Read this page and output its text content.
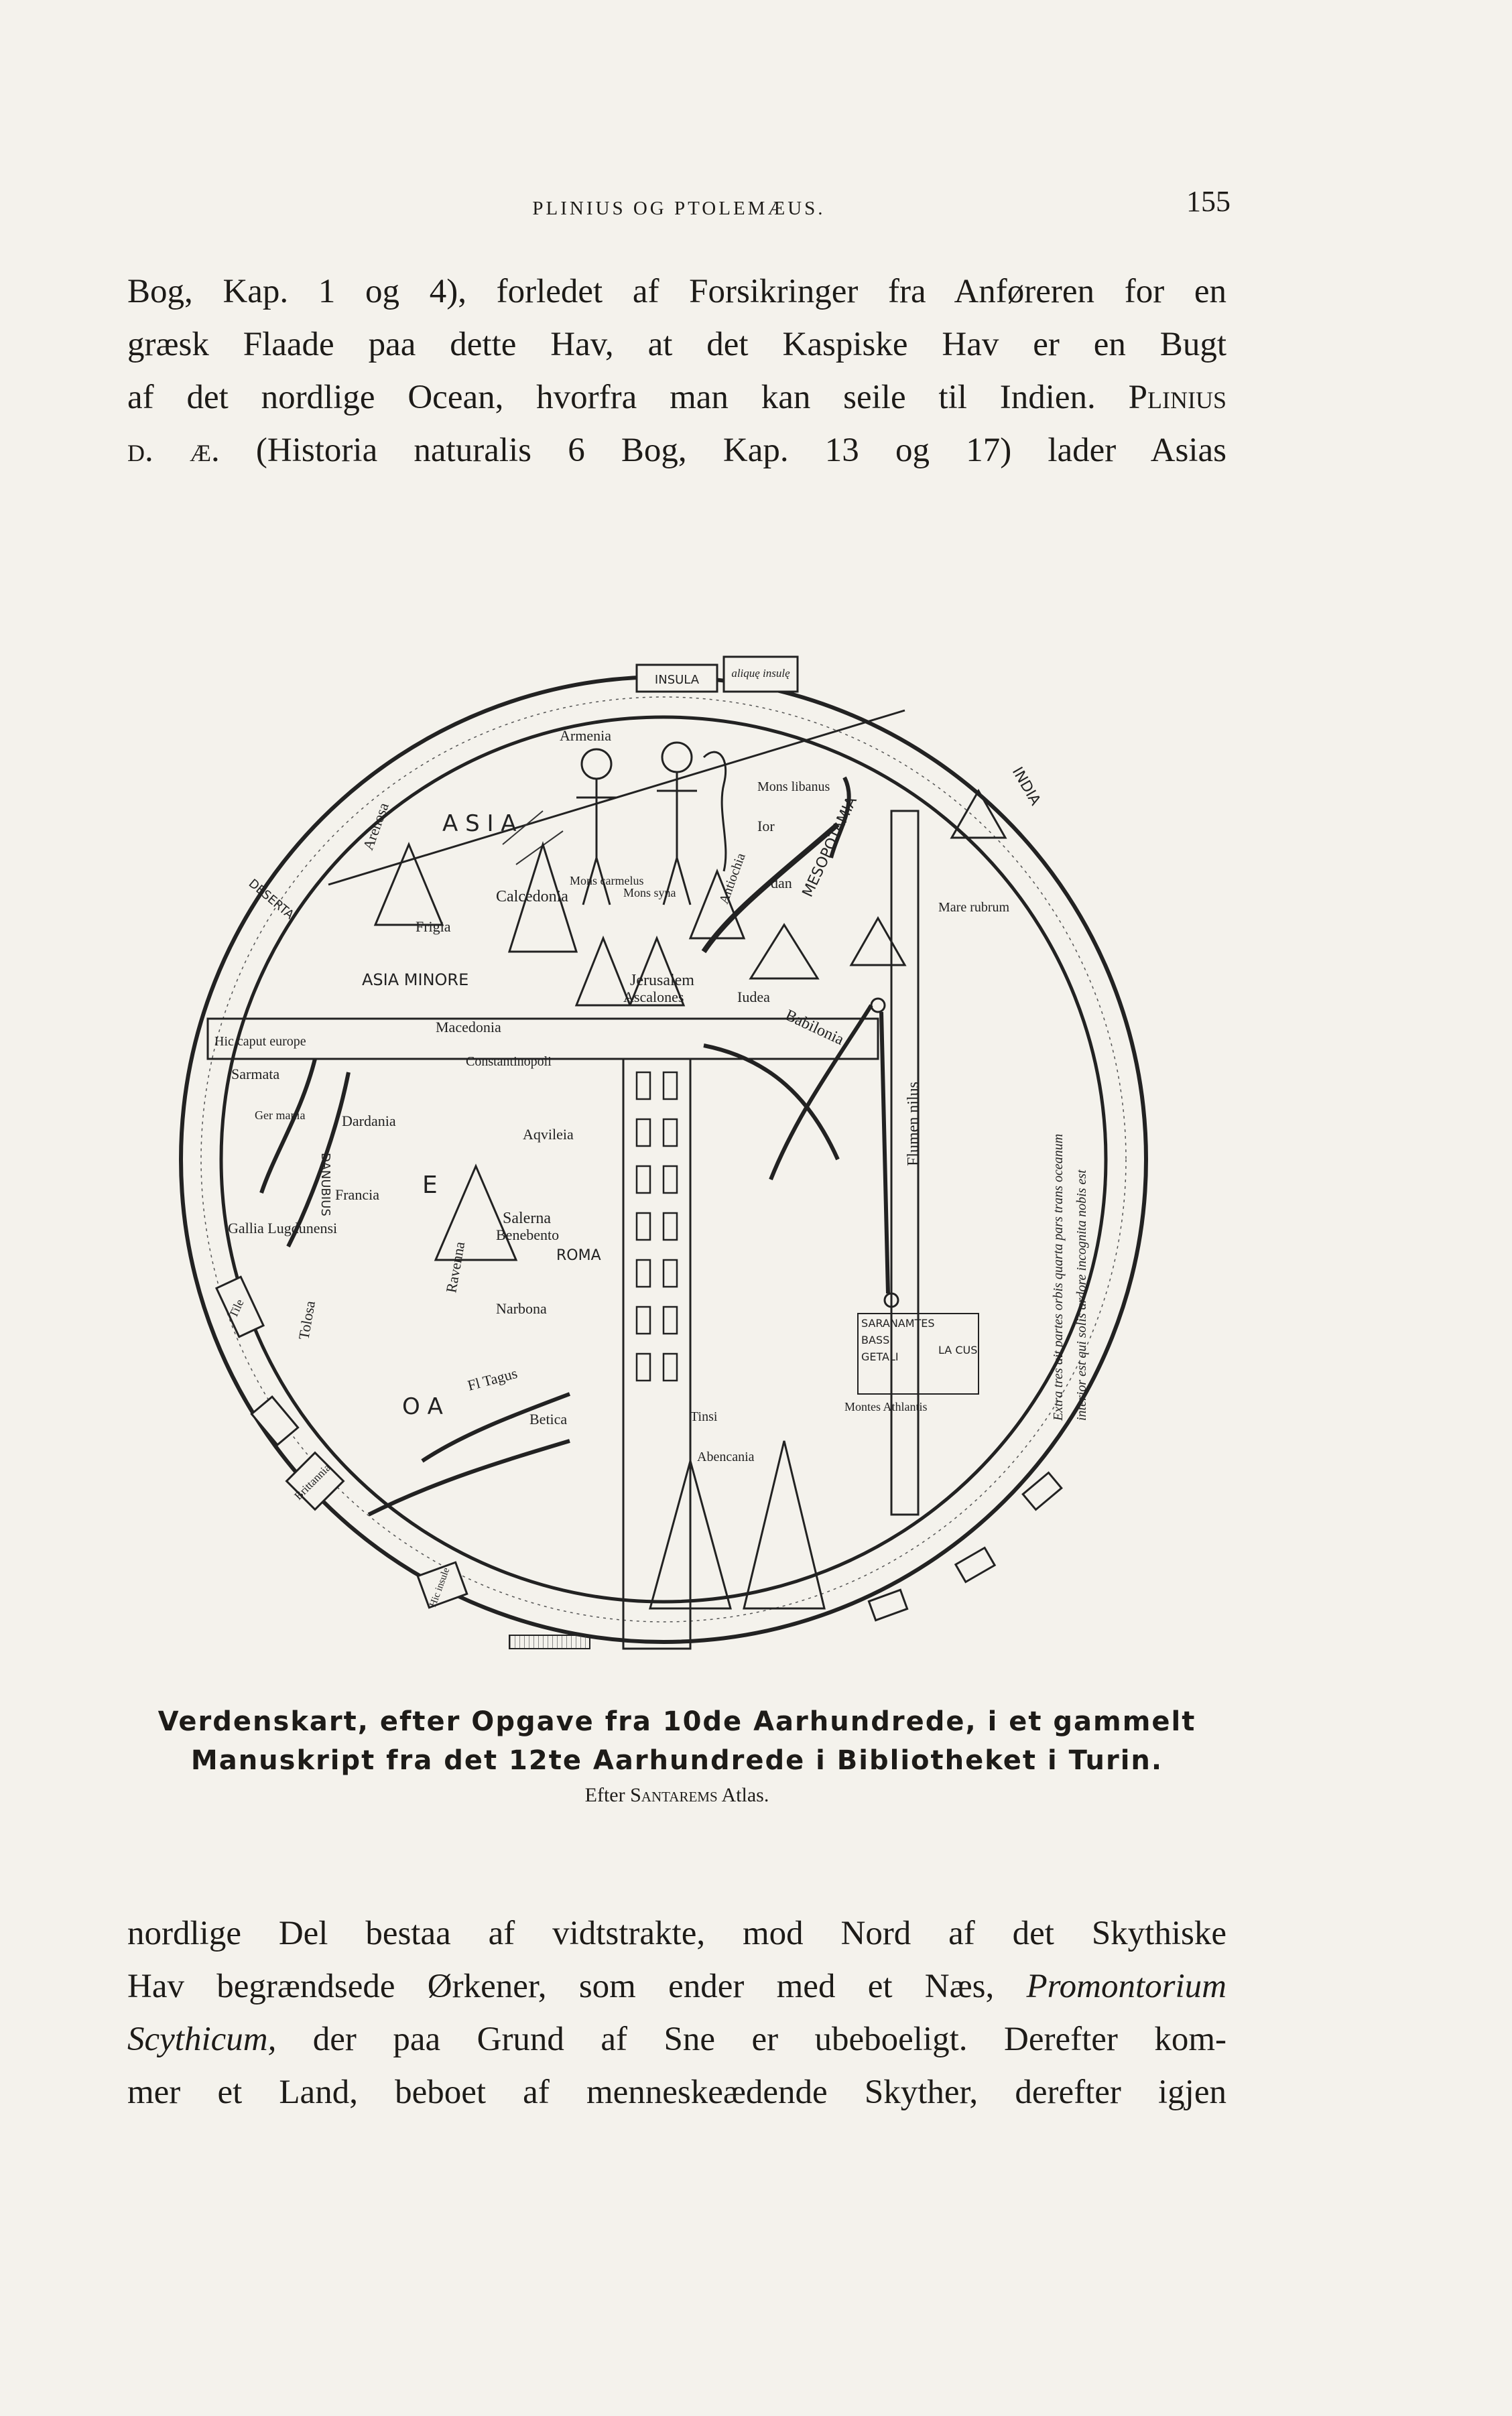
PLINIUS OG PTOLEMÆUS.	155
Bog, Kap. 1 og 4), forledet af Forsikringer fra Anføreren for en
græsk Flaade paa dette Hav, at det Kaspiske Hav er en Bugt
af det nordlige Ocean, hvorfra man kan seile til Indien. Plinius
d. æ. (Historia naturalis 6 Bog, Kap. 13 og 17) lader Asias
INSULA	aliquę insulę
Tile
Brittannia
Hic insule
Armenia
A S I A
Arenosa
Mons libanus
Ior
dan
INDIA
DESERTA	Mons carmelus
Mons syna
Calcedonia	Antiochia	MESOPOTAMIA
Mare rubrum
Frigia
ASIA MINORE	Jerusalem
Ascalones	Iudea
Babilonia
Flumen nilus
Hic caput europe
Macedonia
Constantinopoli
Sarmata
Ger mania Dardania
Aqvileia
DANUBIUS Francia E
Gallia Lugdunensi
Ravenna
Salerna
Benebento
ROMA
Narbona
Tolosa
Fl Tagus
Betica
O A
SARANAMTES
BASSI
GETALI
LA CUS
Montes Athlantis
Tinsi
Abencania
Extra tres ait partes orbis quarta pars trans oceanum interior est qui solis ardore incognita nobis est
Verdenskart, efter Opgave fra 10de Aarhundrede, i et gammelt
Manuskript fra det 12te Aarhundrede i Bibliotheket i Turin.
Efter Santarems Atlas.
nordlige Del bestaa af vidtstrakte, mod Nord af det Skythiske
Hav begrændsede Ørkener, som ender med et Næs, Promontorium
Scythicum, der paa Grund af Sne er ubeboeligt. Derefter kom-
mer et Land, beboet af menneskeædende Skyther, derefter igjen
